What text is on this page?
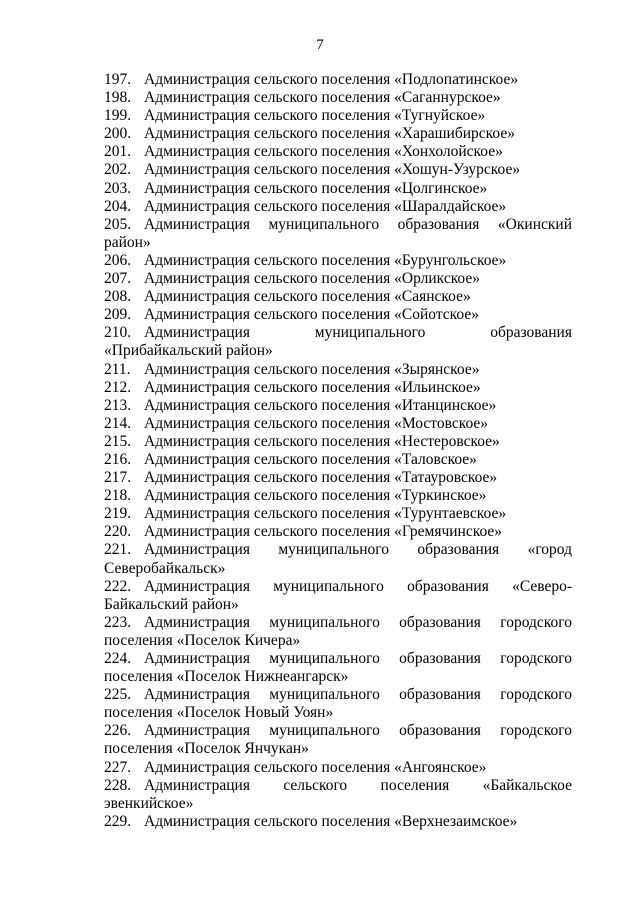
7
197. Администрация сельского поселения «Подлопатинское»
198. Администрация сельского поселения «Саганнурское»
199. Администрация сельского поселения «Тугнуйское»
200. Администрация сельского поселения «Харашибирское»
201. Администрация сельского поселения «Хонхолойское»
202. Администрация сельского поселения «Хошун-Узурское»
203. Администрация сельского поселения «Цолгинское»
204. Администрация сельского поселения «Шаралдайское»
205. Администрация муниципального образования «Окинский район»
206. Администрация сельского поселения «Бурунгольское»
207. Администрация сельского поселения «Орликское»
208. Администрация сельского поселения «Саянское»
209. Администрация сельского поселения «Сойотское»
210. Администрация муниципального образования «Прибайкальский район»
211. Администрация сельского поселения «Зырянское»
212. Администрация сельского поселения «Ильинское»
213. Администрация сельского поселения «Итанцинское»
214. Администрация сельского поселения «Мостовское»
215. Администрация сельского поселения «Нестеровское»
216. Администрация сельского поселения «Таловское»
217. Администрация сельского поселения «Татауровское»
218. Администрация сельского поселения «Туркинское»
219. Администрация сельского поселения «Турунтаевское»
220. Администрация сельского поселения «Гремячинское»
221. Администрация муниципального образования «город Северобайкальск»
222. Администрация муниципального образования «Северо-Байкальский район»
223. Администрация муниципального образования городского поселения «Поселок Кичера»
224. Администрация муниципального образования городского поселения «Поселок Нижнеангарск»
225. Администрация муниципального образования городского поселения «Поселок Новый Уоян»
226. Администрация муниципального образования городского поселения «Поселок Янчукан»
227. Администрация сельского поселения «Ангоянское»
228. Администрация сельского поселения «Байкальское эвенкийское»
229. Администрация сельского поселения «Верхнезаимское»
